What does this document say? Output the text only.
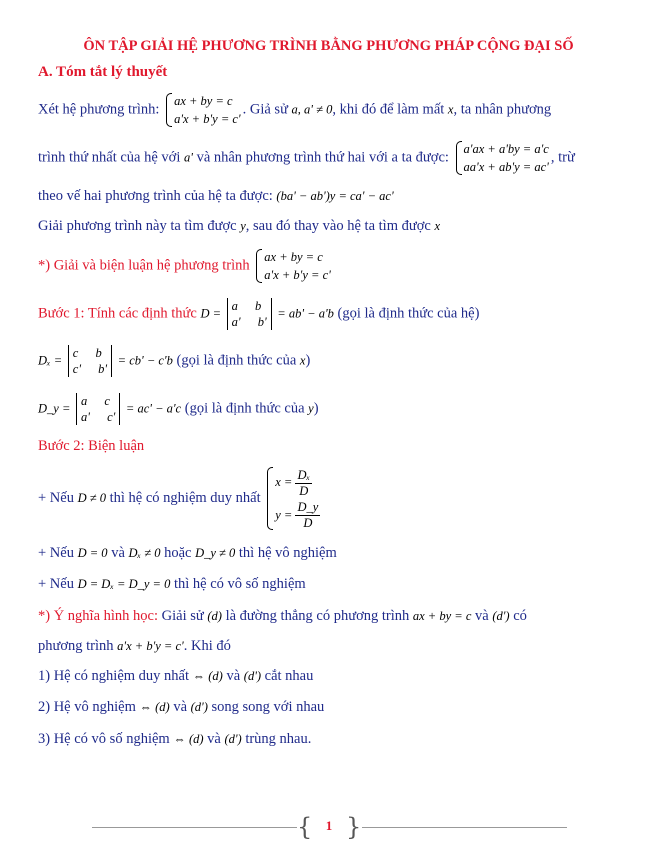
ÔN TẬP GIẢI HỆ PHƯƠNG TRÌNH BẰNG PHƯƠNG PHÁP CỘNG ĐẠI SỐ
A. Tóm tắt lý thuyết
Xét hệ phương trình:
ax + by = c
a'x + b'y = c'
. Giả sử a, a' ≠ 0, khi đó để làm mất x, ta nhân phương
trình thứ nhất của hệ với a' và nhân phương trình thứ hai với a ta được:
a'ax + a'by = a'c
aa'x + ab'y = ac'
, trừ
theo vế hai phương trình của hệ ta được: (ba' − ab')y = ca' − ac'
Giải phương trình này ta tìm được y, sau đó thay vào hệ ta tìm được x
*) Giải và biện luận hệ phương trình
ax + by = c
a'x + b'y = c'
Bước 1: Tính các định thức D =
a b
a' b'
= ab' − a'b (gọi là định thức của hệ)
Dₓ =
c b
c' b'
= cb' − c'b (gọi là định thức của x)
D_y =
a c
a' c'
= ac' − a'c (gọi là định thức của y)
Bước 2: Biện luận
+ Nếu D ≠ 0 thì hệ có nghiệm duy nhất
$x = \frac{\text{Dₓ}}{D}$
$y = \frac{D\_y}{D}$
+ Nếu D = 0 và Dₓ ≠ 0 hoặc D_y ≠ 0 thì hệ vô nghiệm
+ Nếu D = Dₓ = D_y = 0 thì hệ có vô số nghiệm
*) Ý nghĩa hình học: Giải sử (d) là đường thẳng có phương trình ax + by = c và (d') có
phương trình a'x + b'y = c'. Khi đó
1) Hệ có nghiệm duy nhất ⇔ (d) và (d') cắt nhau
2) Hệ vô nghiệm ⇔ (d) và (d') song song với nhau
3) Hệ có vô số nghiệm ⇔ (d) và (d') trùng nhau.
{	1 }
